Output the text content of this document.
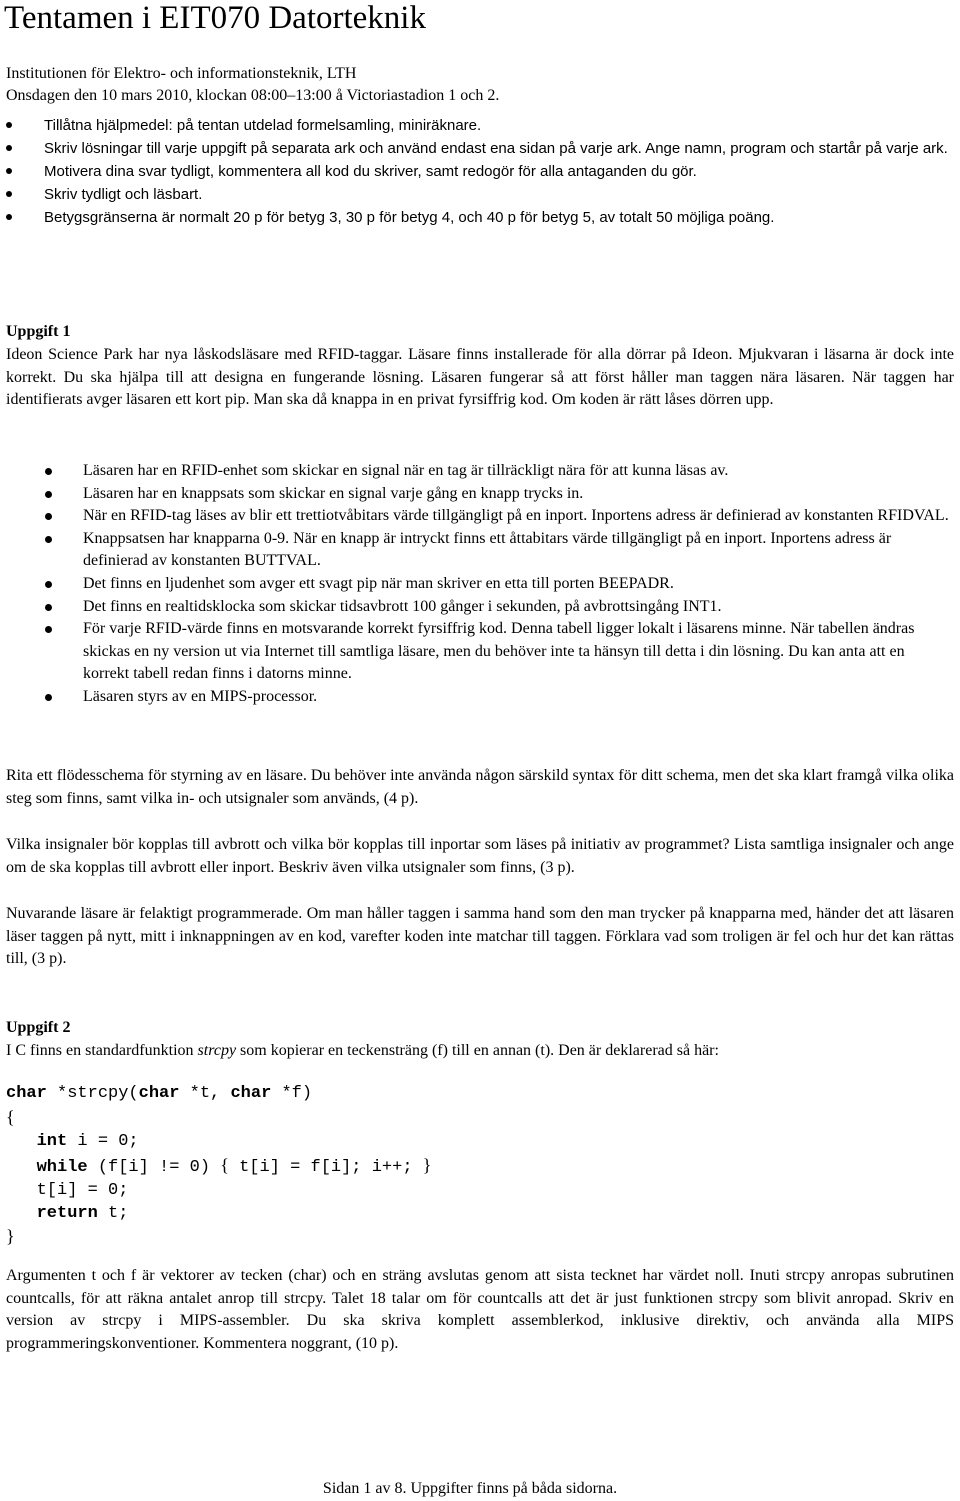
Tentamen i EIT070 Datorteknik
Institutionen för Elektro- och informationsteknik, LTH
Onsdagen den 10 mars 2010, klockan 08:00–13:00 å Victoriastadion 1 och 2.
Tillåtna hjälpmedel: på tentan utdelad formelsamling, miniräknare.
Skriv lösningar till varje uppgift på separata ark och använd endast ena sidan på varje ark. Ange namn, program och startår på varje ark.
Motivera dina svar tydligt, kommentera all kod du skriver, samt redogör för alla antaganden du gör.
Skriv tydligt och läsbart.
Betygsgränserna är normalt 20 p för betyg 3, 30 p för betyg 4, och 40 p för betyg 5, av totalt 50 möjliga poäng.
Uppgift 1

Ideon Science Park har nya låskodsläsare med RFID-taggar. Läsare finns installerade för alla dörrar på Ideon. Mjukvaran i läsarna är dock inte korrekt. Du ska hjälpa till att designa en fungerande lösning. Läsaren fungerar så att först håller man taggen nära läsaren. När taggen har identifierats avger läsaren ett kort pip. Man ska då knappa in en privat fyrsiffrig kod. Om koden är rätt låses dörren upp.

Läsaren har en RFID-enhet som skickar en signal när en tag är tillräckligt nära för att kunna läsas av.
Läsaren har en knappsats som skickar en signal varje gång en knapp trycks in.
När en RFID-tag läses av blir ett trettiotvåbitars värde tillgängligt på en inport. Inportens adress är definierad av konstanten RFIDVAL.
Knappsatsen har knapparna 0-9. När en knapp är intryckt finns ett åttabitars värde tillgängligt på en inport. Inportens adress är definierad av konstanten BUTTVAL.
Det finns en ljudenhet som avger ett svagt pip när man skriver en etta till porten BEEPADR.
Det finns en realtidsklocka som skickar tidsavbrott 100 gånger i sekunden, på avbrottsingång INT1.
För varje RFID-värde finns en motsvarande korrekt fyrsiffrig kod. Denna tabell ligger lokalt i läsarens minne. När tabellen ändras skickas en ny version ut via Internet till samtliga läsare, men du behöver inte ta hänsyn till detta i din lösning. Du kan anta att en korrekt tabell redan finns i datorns minne.
Läsaren styrs av en MIPS-processor.

Rita ett flödesschema för styrning av en läsare. Du behöver inte använda någon särskild syntax för ditt schema, men det ska klart framgå vilka olika steg som finns, samt vilka in- och utsignaler som används, (4 p).

Vilka insignaler bör kopplas till avbrott och vilka bör kopplas till inportar som läses på initiativ av programmet? Lista samtliga insignaler och ange om de ska kopplas till avbrott eller inport. Beskriv även vilka utsignaler som finns, (3 p).

Nuvarande läsare är felaktigt programmerade. Om man håller taggen i samma hand som den man trycker på knapparna med, händer det att läsaren läser taggen på nytt, mitt i inknappningen av en kod, varefter koden inte matchar till taggen. Förklara vad som troligen är fel och hur det kan rättas till, (3 p).

Uppgift 2

I C finns en standardfunktion strcpy som kopierar en teckensträng (f) till en annan (t). Den är deklarerad så här:

char *strcpy(char *t, char *f)
{
int i = 0;
while (f[i] != 0) { t[i] = f[i]; i++; }
t[i] = 0;
return t;
}

Argumenten t och f är vektorer av tecken (char) och en sträng avslutas genom att sista tecknet har värdet noll. Inuti strcpy anropas subrutinen countcalls, för att räkna antalet anrop till strcpy. Talet 18 talar om för countcalls att det är just funktionen strcpy som blivit anropad. Skriv en version av strcpy i MIPS-assembler. Du ska skriva komplett assemblerkod, inklusive direktiv, och använda alla MIPS programmeringskonventioner. Kommentera noggrant, (10 p).

Sidan 1 av 8. Uppgifter finns på båda sidorna.
